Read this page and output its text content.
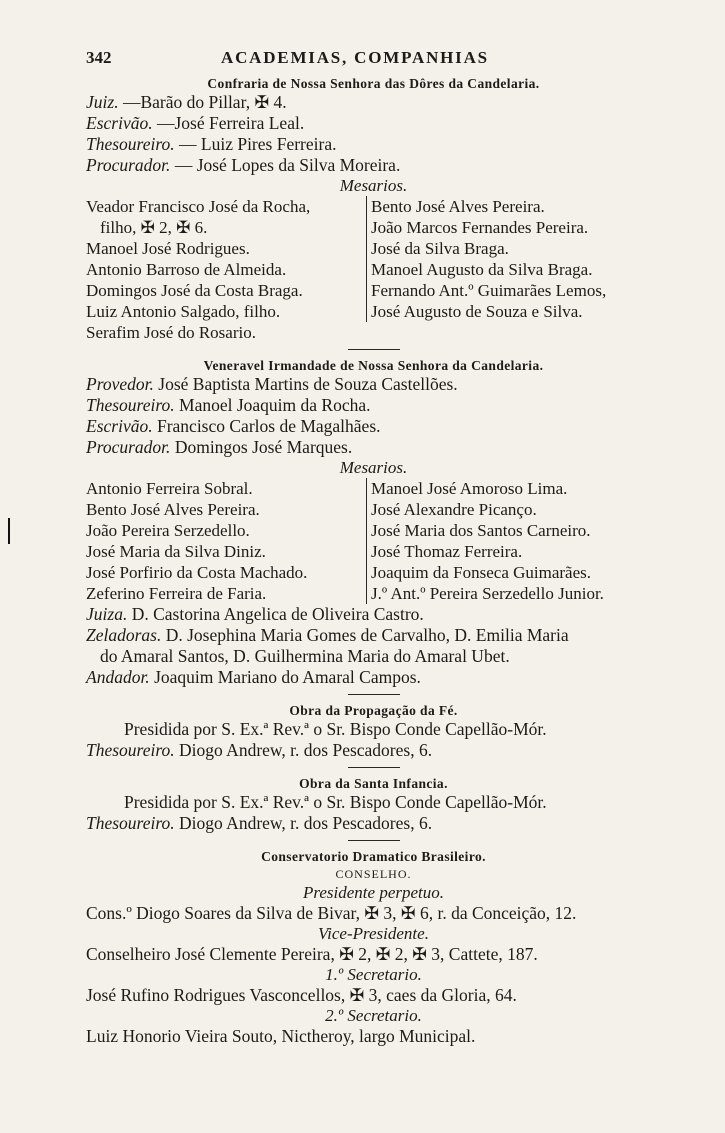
342	ACADEMIAS, COMPANHIAS

Confraria de Nossa Senhora das Dôres da Candelaria.

Juiz. —Barão do Pillar, ✠ 4.
Escrivão. —José Ferreira Leal.
Thesoureiro. — Luiz Pires Ferreira.
Procurador. — José Lopes da Silva Moreira.
Mesarios.
Veador Francisco José da Rocha,
filho, ✠ 2, ✠ 6.
Manoel José Rodrigues.
Antonio Barroso de Almeida.
Domingos José da Costa Braga.
Luiz Antonio Salgado, filho.
Serafim José do Rosario.
Bento José Alves Pereira.
João Marcos Fernandes Pereira.
José da Silva Braga.
Manoel Augusto da Silva Braga.
Fernando Ant.º Guimarães Lemos,
José Augusto de Souza e Silva.

Veneravel Irmandade de Nossa Senhora da Candelaria.

Provedor. José Baptista Martins de Souza Castellões.
Thesoureiro. Manoel Joaquim da Rocha.
Escrivão. Francisco Carlos de Magalhães.
Procurador. Domingos José Marques.
Mesarios.
Antonio Ferreira Sobral.
Bento José Alves Pereira.
João Pereira Serzedello.
José Maria da Silva Diniz.
José Porfirio da Costa Machado.
Zeferino Ferreira de Faria.
Manoel José Amoroso Lima.
José Alexandre Picanço.
José Maria dos Santos Carneiro.
José Thomaz Ferreira.
Joaquim da Fonseca Guimarães.
J.º Ant.º Pereira Serzedello Junior.
Juiza. D. Castorina Angelica de Oliveira Castro.
Zeladoras. D. Josephina Maria Gomes de Carvalho, D. Emilia Maria
do Amaral Santos, D. Guilhermina Maria do Amaral Ubet.
Andador. Joaquim Mariano do Amaral Campos.

Obra da Propagação da Fé.

Presidida por S. Ex.ª Rev.ª o Sr. Bispo Conde Capellão-Mór.
Thesoureiro. Diogo Andrew, r. dos Pescadores, 6.

Obra da Santa Infancia.

Presidida por S. Ex.ª Rev.ª o Sr. Bispo Conde Capellão-Mór.
Thesoureiro. Diogo Andrew, r. dos Pescadores, 6.

Conservatorio Dramatico Brasileiro.

CONSELHO.
Presidente perpetuo.
Cons.º Diogo Soares da Silva de Bivar, ✠ 3, ✠ 6, r. da Conceição, 12.
Vice-Presidente.
Conselheiro José Clemente Pereira, ✠ 2, ✠ 2, ✠ 3, Cattete, 187.
1.º Secretario.
José Rufino Rodrigues Vasconcellos, ✠ 3, caes da Gloria, 64.
2.º Secretario.
Luiz Honorio Vieira Souto, Nictheroy, largo Municipal.
